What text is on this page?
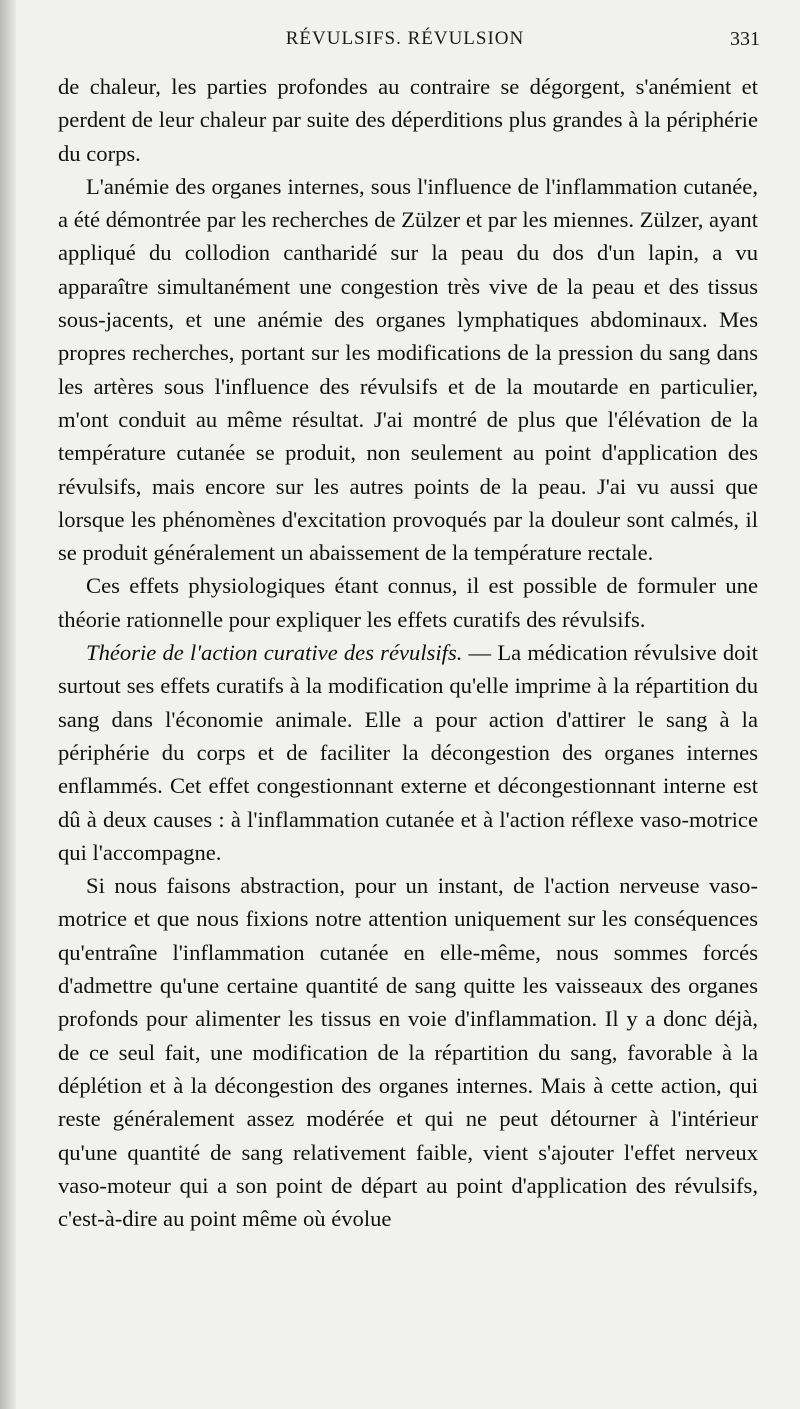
RÉVULSIFS. RÉVULSION	331

de chaleur, les parties profondes au contraire se dégorgent, s'anémient et perdent de leur chaleur par suite des déperditions plus grandes à la périphérie du corps.

L'anémie des organes internes, sous l'influence de l'inflammation cutanée, a été démontrée par les recherches de Zülzer et par les miennes. Zülzer, ayant appliqué du collodion cantharidé sur la peau du dos d'un lapin, a vu apparaître simultanément une congestion très vive de la peau et des tissus sous-jacents, et une anémie des organes lymphatiques abdominaux. Mes propres recherches, portant sur les modifications de la pression du sang dans les artères sous l'influence des révulsifs et de la moutarde en particulier, m'ont conduit au même résultat. J'ai montré de plus que l'élévation de la température cutanée se produit, non seulement au point d'application des révulsifs, mais encore sur les autres points de la peau. J'ai vu aussi que lorsque les phénomènes d'excitation provoqués par la douleur sont calmés, il se produit généralement un abaissement de la température rectale.

Ces effets physiologiques étant connus, il est possible de formuler une théorie rationnelle pour expliquer les effets curatifs des révulsifs.

Théorie de l'action curative des révulsifs. — La médication révulsive doit surtout ses effets curatifs à la modification qu'elle imprime à la répartition du sang dans l'économie animale. Elle a pour action d'attirer le sang à la périphérie du corps et de faciliter la décongestion des organes internes enflammés. Cet effet congestionnant externe et décongestionnant interne est dû à deux causes : à l'inflammation cutanée et à l'action réflexe vaso-motrice qui l'accompagne.

Si nous faisons abstraction, pour un instant, de l'action nerveuse vaso-motrice et que nous fixions notre attention uniquement sur les conséquences qu'entraîne l'inflammation cutanée en elle-même, nous sommes forcés d'admettre qu'une certaine quantité de sang quitte les vaisseaux des organes profonds pour alimenter les tissus en voie d'inflammation. Il y a donc déjà, de ce seul fait, une modification de la répartition du sang, favorable à la déplétion et à la décongestion des organes internes. Mais à cette action, qui reste généralement assez modérée et qui ne peut détourner à l'intérieur qu'une quantité de sang relativement faible, vient s'ajouter l'effet nerveux vaso-moteur qui a son point de départ au point d'application des révulsifs, c'est-à-dire au point même où évolue
